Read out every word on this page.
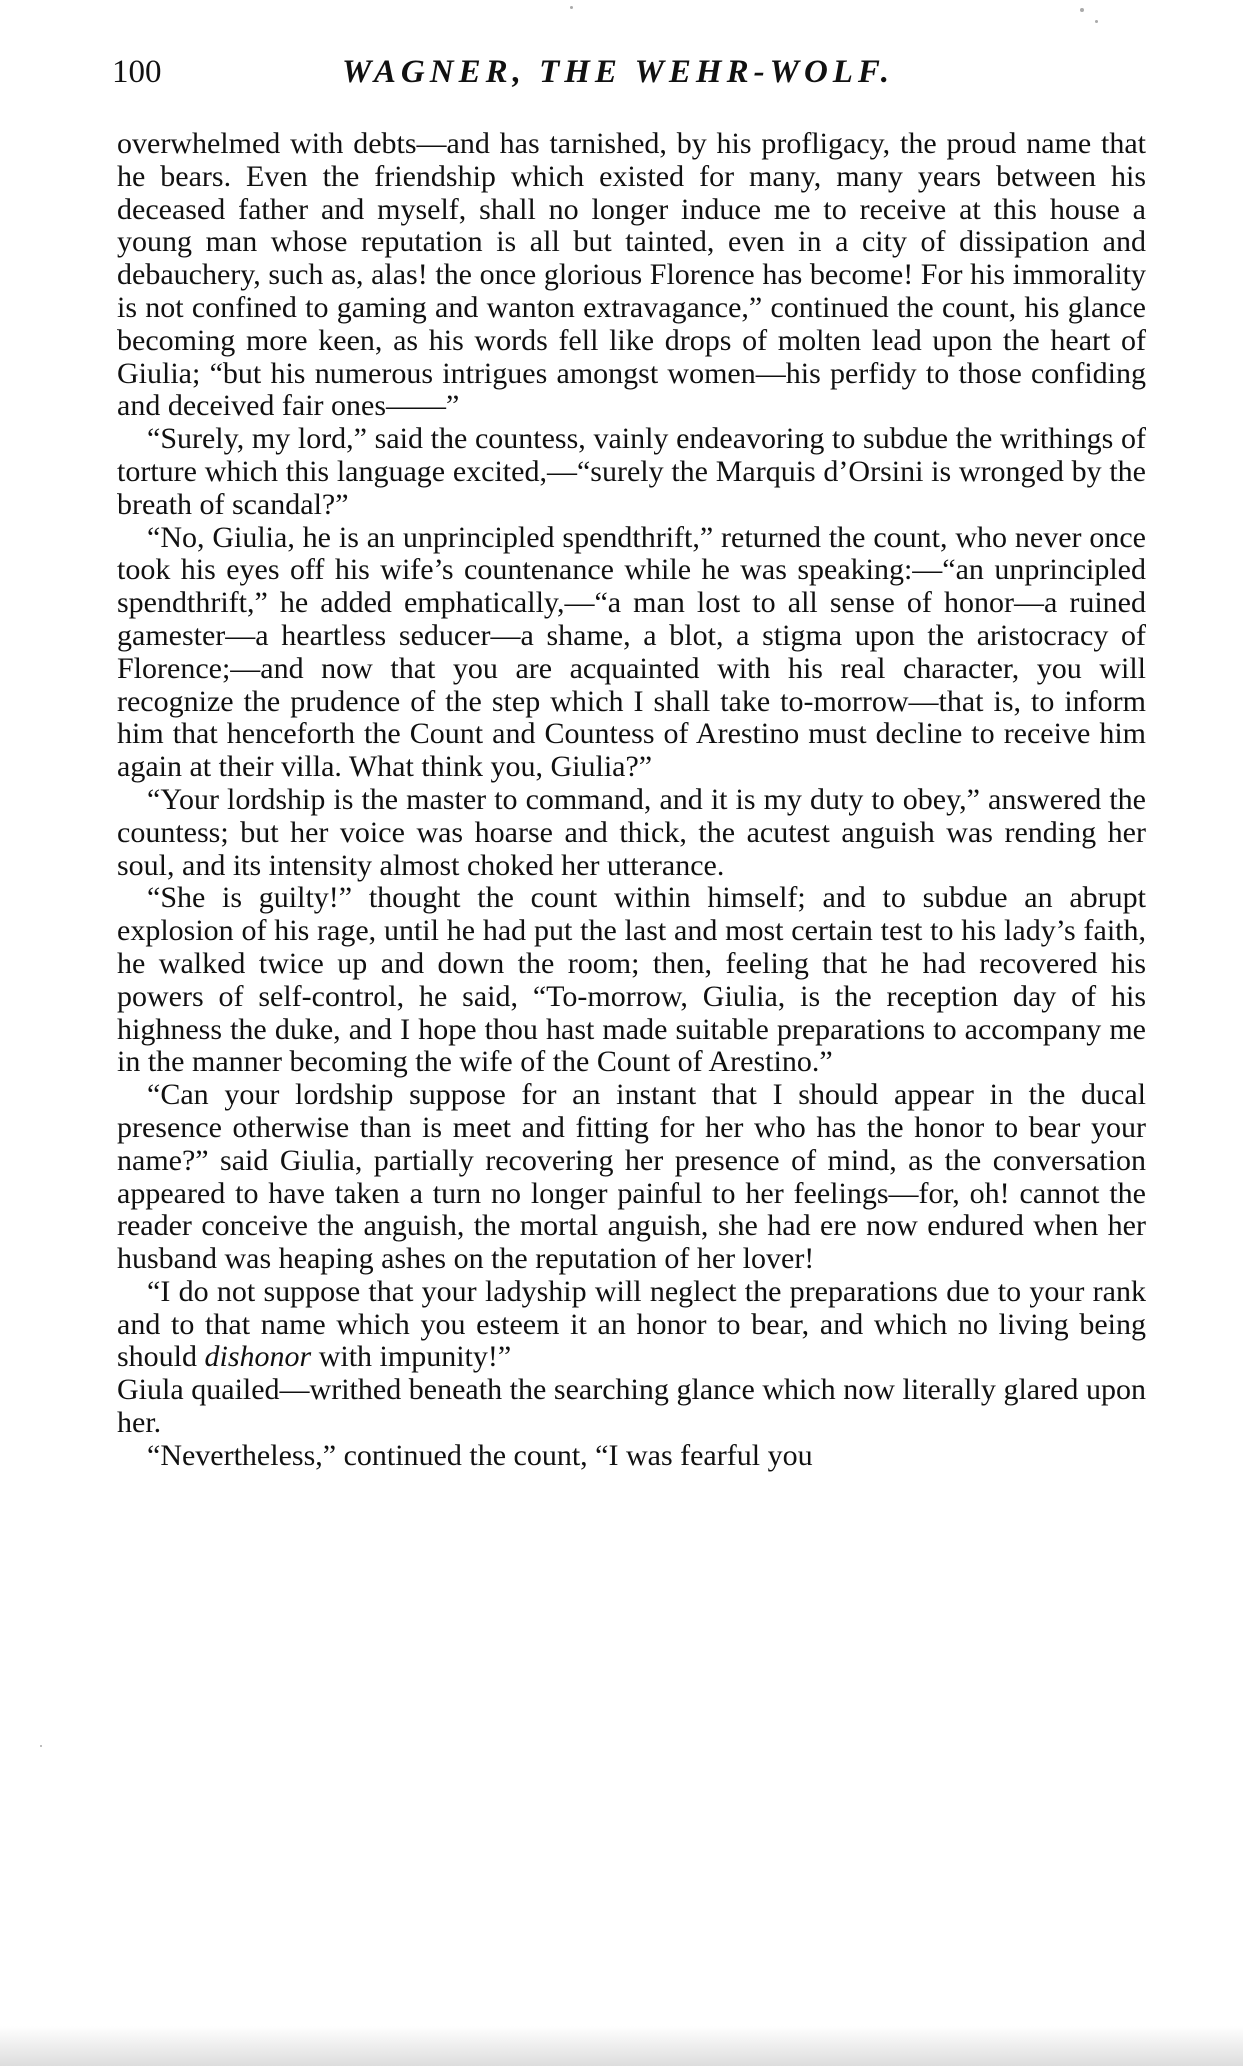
100	WAGNER, THE WEHR-WOLF.

overwhelmed with debts—and has tarnished, by his profligacy, the proud name that he bears. Even the friendship which existed for many, many years between his deceased father and myself, shall no longer induce me to receive at this house a young man whose reputation is all but tainted, even in a city of dissipation and debauchery, such as, alas! the once glorious Florence has become! For his immorality is not confined to gaming and wanton extravagance,” continued the count, his glance becoming more keen, as his words fell like drops of molten lead upon the heart of Giulia; “but his numerous intrigues amongst women—his perfidy to those confiding and deceived fair ones——”

“Surely, my lord,” said the countess, vainly endeavoring to subdue the writhings of torture which this language excited,—“surely the Marquis d’Orsini is wronged by the breath of scandal?”

“No, Giulia, he is an unprincipled spendthrift,” returned the count, who never once took his eyes off his wife’s countenance while he was speaking:—“an unprincipled spendthrift,” he added emphatically,—“a man lost to all sense of honor—a ruined gamester—a heartless seducer—a shame, a blot, a stigma upon the aristocracy of Florence;—and now that you are acquainted with his real character, you will recognize the prudence of the step which I shall take to-morrow—that is, to inform him that henceforth the Count and Countess of Arestino must decline to receive him again at their villa. What think you, Giulia?”

“Your lordship is the master to command, and it is my duty to obey,” answered the countess; but her voice was hoarse and thick, the acutest anguish was rending her soul, and its intensity almost choked her utterance.

“She is guilty!” thought the count within himself; and to subdue an abrupt explosion of his rage, until he had put the last and most certain test to his lady’s faith, he walked twice up and down the room; then, feeling that he had recovered his powers of self-control, he said, “To-morrow, Giulia, is the reception day of his highness the duke, and I hope thou hast made suitable preparations to accompany me in the manner becoming the wife of the Count of Arestino.”

“Can your lordship suppose for an instant that I should appear in the ducal presence otherwise than is meet and fitting for her who has the honor to bear your name?” said Giulia, partially recovering her presence of mind, as the conversation appeared to have taken a turn no longer painful to her feelings—for, oh! cannot the reader conceive the anguish, the mortal anguish, she had ere now endured when her husband was heaping ashes on the reputation of her lover!

“I do not suppose that your ladyship will neglect the preparations due to your rank and to that name which you esteem it an honor to bear, and which no living being should dishonor with impunity!”

Giula quailed—writhed beneath the searching glance which now literally glared upon her.

“Nevertheless,” continued the count, “I was fearful you
